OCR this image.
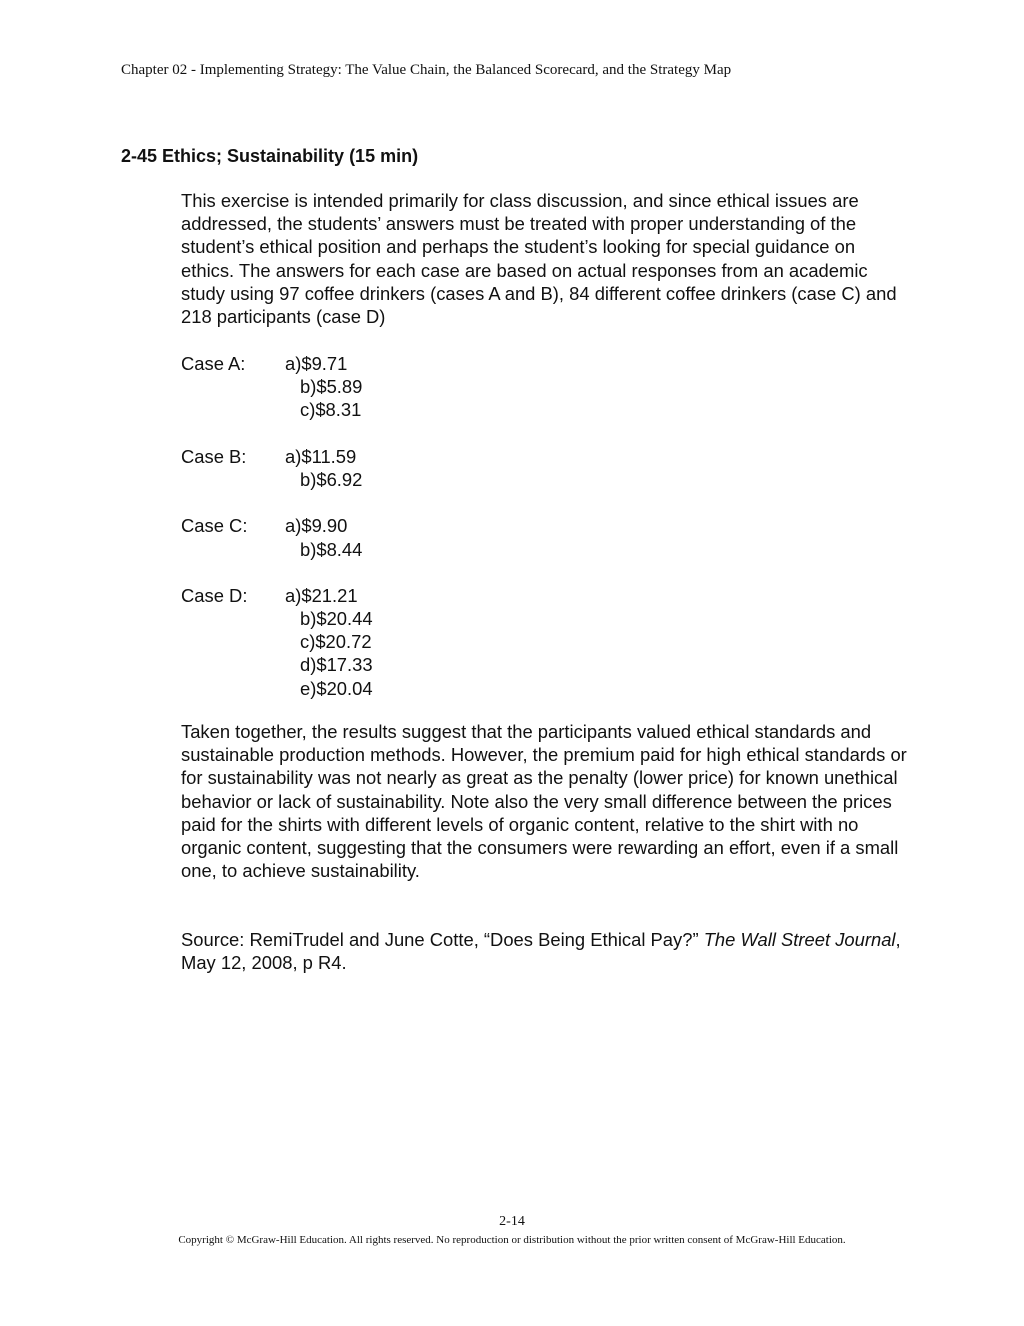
Chapter 02 - Implementing Strategy: The Value Chain, the Balanced Scorecard, and the Strategy Map
2-45 Ethics; Sustainability (15 min)
This exercise is intended primarily for class discussion, and since ethical issues are addressed, the students’ answers must be treated with proper understanding of the student’s ethical position and perhaps the student’s looking for special guidance on ethics. The answers for each case are based on actual responses from an academic study using 97 coffee drinkers (cases A and B), 84 different coffee drinkers (case C) and 218 participants (case D)
Case A:	a)$9.71
b)$5.89
c)$8.31
Case B:	a)$11.59
b)$6.92
Case C:	a)$9.90
b)$8.44
Case D:	a)$21.21
b)$20.44
c)$20.72
d)$17.33
e)$20.04
Taken together, the results suggest that the participants valued ethical standards and sustainable production methods. However, the premium paid for high ethical standards or for sustainability was not nearly as great as the penalty (lower price) for known unethical behavior or lack of sustainability. Note also the very small difference between the prices paid for the shirts with different levels of organic content, relative to the shirt with no organic content, suggesting that the consumers were rewarding an effort, even if a small one, to achieve sustainability.
Source: RemiTrudel and June Cotte, “Does Being Ethical Pay?” The Wall Street Journal, May 12, 2008, p R4.
2-14
Copyright © McGraw-Hill Education. All rights reserved. No reproduction or distribution without the prior written consent of McGraw-Hill Education.
